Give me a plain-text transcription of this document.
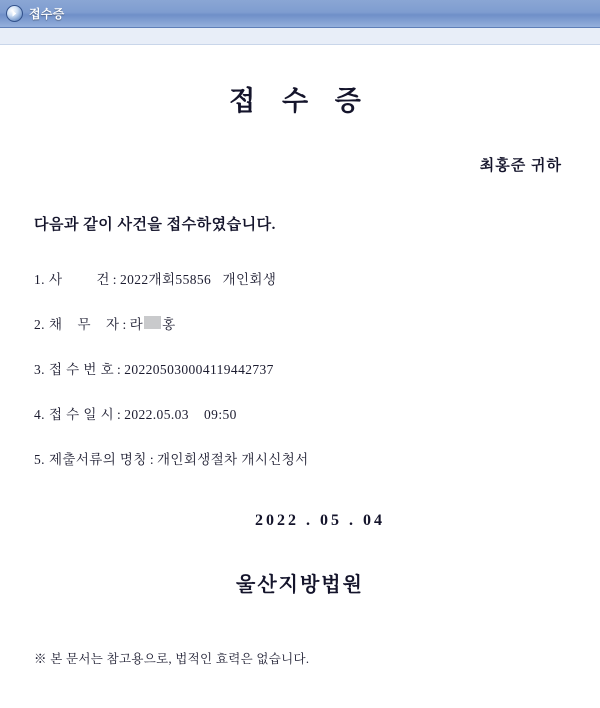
접수증
접 수 증
최홍준 귀하
다음과 같이 사건을 접수하였습니다.
1. 사         건 : 2022개회55856   개인회생
2. 채    무    자 : 라 홍
3. 접 수 번 호 : 202205030004119442737
4. 접 수 일 시 : 2022.05.03    09:50
5. 제출서류의 명칭 : 개인회생절차 개시신청서
2022 . 05 . 04
울산지방법원
※ 본 문서는 참고용으로, 법적인 효력은 없습니다.
